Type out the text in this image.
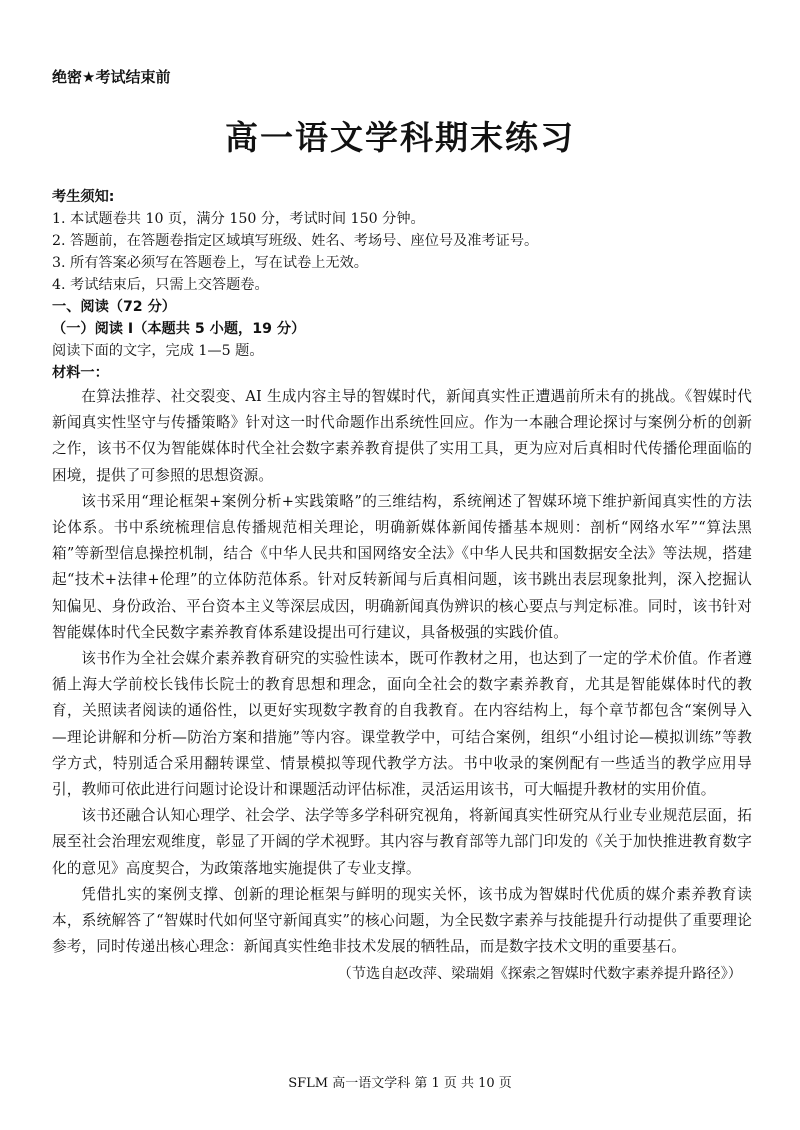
绝密★考试结束前
高一语文学科期末练习
考生须知:
1. 本试题卷共 10 页，满分 150 分，考试时间 150 分钟。
2. 答题前，在答题卷指定区域填写班级、姓名、考场号、座位号及准考证号。
3. 所有答案必须写在答题卷上，写在试卷上无效。
4. 考试结束后，只需上交答题卷。
一、阅读（72 分）
（一）阅读 I（本题共 5 小题，19 分）
阅读下面的文字，完成 1—5 题。
材料一：

在算法推荐、社交裂变、AI 生成内容主导的智媒时代，新闻真实性正遭遇前所未有的挑战。《智媒时代新闻真实性坚守与传播策略》针对这一时代命题作出系统性回应。作为一本融合理论探讨与案例分析的创新之作，该书不仅为智能媒体时代全社会数字素养教育提供了实用工具，更为应对后真相时代传播伦理面临的困境，提供了可参照的思想资源。

该书采用“理论框架+案例分析+实践策略”的三维结构，系统阐述了智媒环境下维护新闻真实性的方法论体系。书中系统梳理信息传播规范相关理论，明确新媒体新闻传播基本规则：剖析“网络水军”“算法黑箱”等新型信息操控机制，结合《中华人民共和国网络安全法》《中华人民共和国数据安全法》等法规，搭建起“技术+法律+伦理”的立体防范体系。针对反转新闻与后真相问题，该书跳出表层现象批判，深入挖掘认知偏见、身份政治、平台资本主义等深层成因，明确新闻真伪辨识的核心要点与判定标准。同时，该书针对智能媒体时代全民数字素养教育体系建设提出可行建议，具备极强的实践价值。

该书作为全社会媒介素养教育研究的实验性读本，既可作教材之用，也达到了一定的学术价值。作者遵循上海大学前校长钱伟长院士的教育思想和理念，面向全社会的数字素养教育，尤其是智能媒体时代的教育，关照读者阅读的通俗性，以更好实现数字教育的自我教育。在内容结构上，每个章节都包含“案例导入—理论讲解和分析—防治方案和措施”等内容。课堂教学中，可结合案例，组织“小组讨论—模拟训练”等教学方式，特别适合采用翻转课堂、情景模拟等现代教学方法。书中收录的案例配有一些适当的教学应用导引，教师可依此进行问题讨论设计和课题活动评估标准，灵活运用该书，可大幅提升教材的实用价值。

该书还融合认知心理学、社会学、法学等多学科研究视角，将新闻真实性研究从行业专业规范层面，拓展至社会治理宏观维度，彰显了开阔的学术视野。其内容与教育部等九部门印发的《关于加快推进教育数字化的意见》高度契合，为政策落地实施提供了专业支撑。

凭借扎实的案例支撑、创新的理论框架与鲜明的现实关怀，该书成为智媒时代优质的媒介素养教育读本，系统解答了“智媒时代如何坚守新闻真实”的核心问题，为全民数字素养与技能提升行动提供了重要理论参考，同时传递出核心理念：新闻真实性绝非技术发展的牺牲品，而是数字技术文明的重要基石。

（节选自赵改萍、梁瑞娟《探索之智媒时代数字素养提升路径》）
SFLM 高一语文学科 第 1 页 共 10 页
